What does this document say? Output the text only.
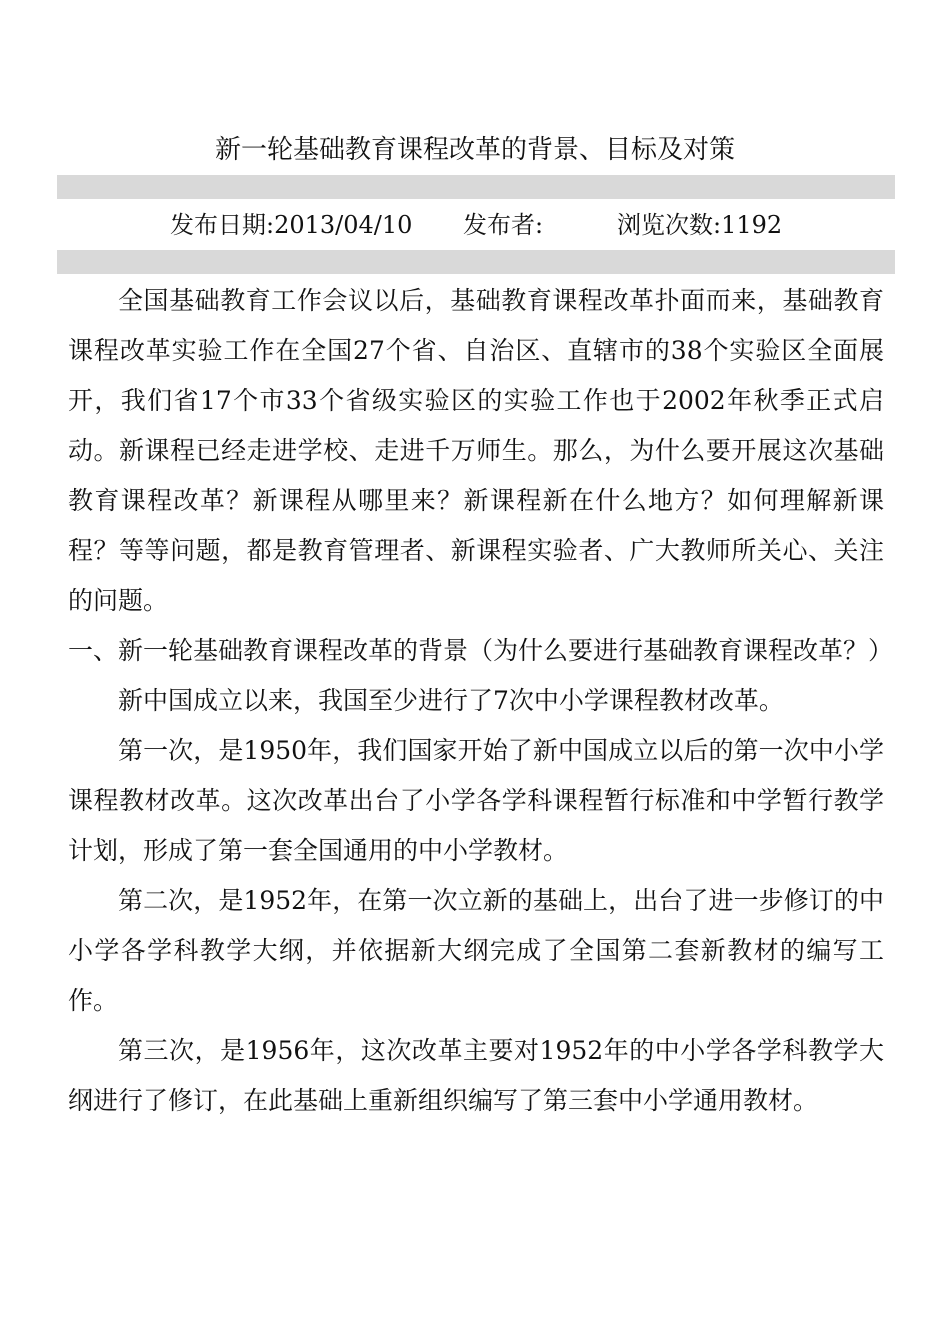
新一轮基础教育课程改革的背景、目标及对策
发布日期:2013/04/10 发布者:	浏览次数:1192

全国基础教育工作会议以后，基础教育课程改革扑面而来，基础教育课程改革实验工作在全国27个省、自治区、直辖市的38个实验区全面展开，我们省17个市33个省级实验区的实验工作也于2002年秋季正式启动。新课程已经走进学校、走进千万师生。那么，为什么要开展这次基础教育课程改革？新课程从哪里来？新课程新在什么地方？如何理解新课程？等等问题，都是教育管理者、新课程实验者、广大教师所关心、关注的问题。

一、新一轮基础教育课程改革的背景（为什么要进行基础教育课程改革？）

新中国成立以来，我国至少进行了7次中小学课程教材改革。

第一次，是1950年，我们国家开始了新中国成立以后的第一次中小学课程教材改革。这次改革出台了小学各学科课程暂行标准和中学暂行教学计划，形成了第一套全国通用的中小学教材。

第二次，是1952年，在第一次立新的基础上，出台了进一步修订的中小学各学科教学大纲，并依据新大纲完成了全国第二套新教材的编写工作。

第三次，是1956年，这次改革主要对1952年的中小学各学科教学大纲进行了修订，在此基础上重新组织编写了第三套中小学通用教材。
